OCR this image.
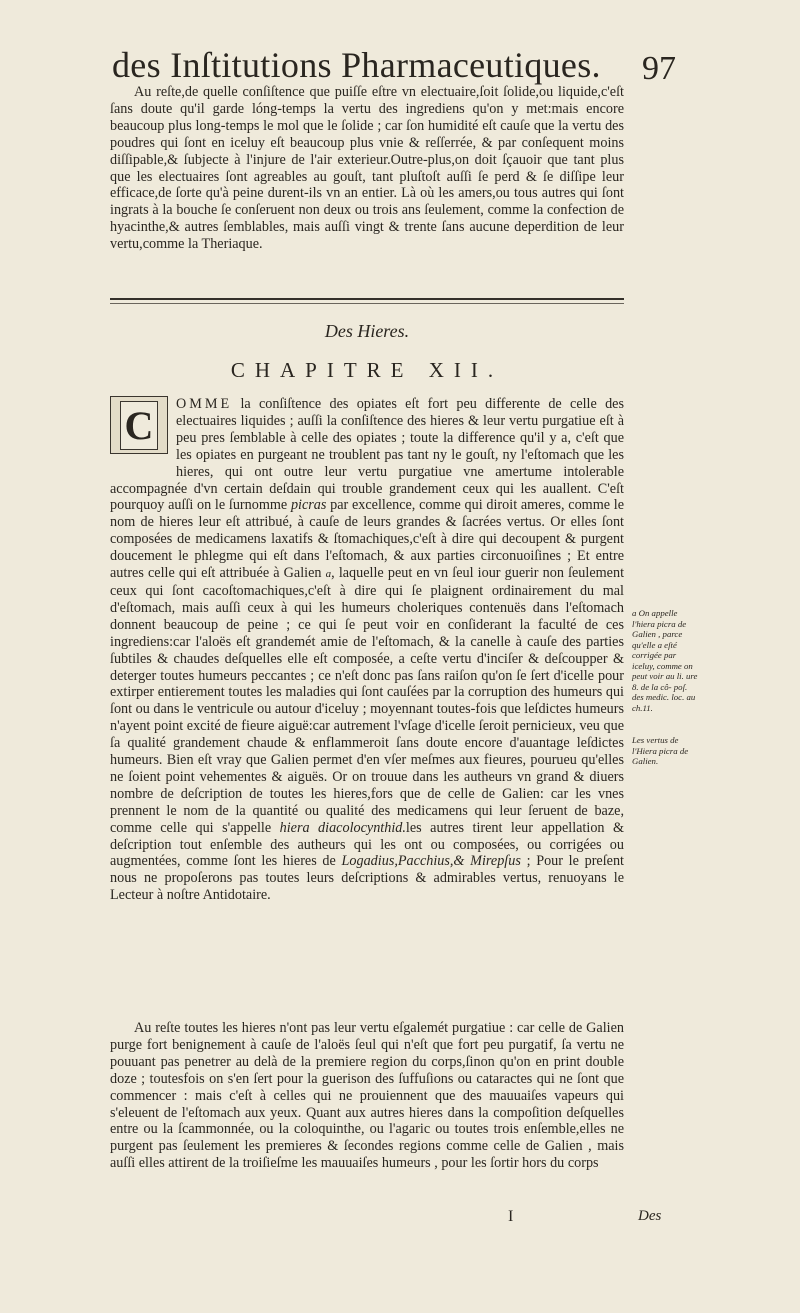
des Inſtitutions Pharmaceutiques. 97

Au reſte,de quelle conſiſtence que puiſſe eſtre vn electuaire,ſoit ſolide,ou liquide,c'eſt ſans doute qu'il garde lóng-temps la vertu des ingrediens qu'on y met:mais encore beaucoup plus long-temps le mol que le ſolide ; car ſon humidité eſt cauſe que la vertu des poudres qui ſont en iceluy eſt beaucoup plus vnie & reſſerrée, & par conſequent moins diſſipable,& ſubjecte à l'injure de l'air exterieur.Outre-plus,on doit ſçauoir que tant plus que les electuaires ſont agreables au gouſt, tant pluſtoſt auſſi ſe perd & ſe diſſipe leur efficace,de ſorte qu'à peine durent-ils vn an entier. Là où les amers,ou tous autres qui ſont ingrats à la bouche ſe conſeruent non deux ou trois ans ſeulement, comme la confection de hyacinthe,& autres ſemblables, mais auſſi vingt & trente ſans aucune deperdition de leur vertu,comme la Theriaque.

Des Hieres.
CHAPITRE XII.

OMME la conſiſtence des opiates eſt fort peu differente de celle des electuaires liquides ; auſſi la conſiſtence des hieres & leur vertu purgatiue eſt à peu pres ſemblable à celle des opiates ; toute la difference qu'il y a, c'eſt que les opiates en purgeant ne troublent pas tant ny le gouſt, ny l'eſtomach que les hieres, qui ont outre leur vertu purgatiue vne amertume intolerable accompagnée d'vn certain deſdain qui trouble grandement ceux qui les auallent. C'eſt pourquoy auſſi on le ſurnomme picras par excellence, comme qui diroit ameres, comme le nom de hieres leur eſt attribué, à cauſe de leurs grandes & ſacrées vertus. Or elles ſont composées de medicamens laxatifs & ſtomachiques,c'eſt à dire qui decoupent & purgent doucement le phlegme qui eſt dans l'eſtomach, & aux parties circonuoiſines ; Et entre autres celle qui eſt attribuée à Galien a, laquelle peut en vn ſeul iour guerir non ſeulement ceux qui ſont cacoſtomachiques,c'eſt à dire qui ſe plaignent ordinairement du mal d'eſtomach, mais auſſi ceux à qui les humeurs choleriques contenuës dans l'eſtomach donnent beaucoup de peine ; ce qui ſe peut voir en conſiderant la faculté de ces ingrediens:car l'aloës eſt grandemét amie de l'eſtomach, & la canelle à cauſe des parties ſubtiles & chaudes deſquelles elle eſt composée, a ceſte vertu d'inciſer & deſcoupper & deterger toutes humeurs peccantes ; ce n'eſt donc pas ſans raiſon qu'on ſe ſert d'icelle pour extirper entierement toutes les maladies qui ſont cauſées par la corruption des humeurs qui ſont ou dans le ventricule ou autour d'iceluy ; moyennant toutes-fois que leſdictes humeurs n'ayent point excité de fieure aiguë:car autrement l'vſage d'icelle ſeroit pernicieux, veu que ſa qualité grandement chaude & enflammeroit ſans doute encore d'auantage leſdictes humeurs. Bien eſt vray que Galien permet d'en vſer meſmes aux fieures, pourueu qu'elles ne ſoient point vehementes & aiguës. Or on trouue dans les autheurs vn grand & diuers nombre de deſcription de toutes les hieres,fors que de celle de Galien: car les vnes prennent le nom de la quantité ou qualité des medicamens qui leur ſeruent de baze, comme celle qui s'appelle hiera diacolocynthid.les autres tirent leur appellation & deſcription tout enſemble des autheurs qui les ont ou composées, ou corrigées ou augmentées, comme ſont les hieres de Logadius,Pacchius,& Mirepſus ; Pour le preſent nous ne propoſerons pas toutes leurs deſcriptions & admirables vertus, renuoyans le Lecteur à noſtre Antidotaire.

C

Au reſte toutes les hieres n'ont pas leur vertu eſgalemét purgatiue : car celle de Galien purge fort benignement à cauſe de l'aloës ſeul qui n'eſt que fort peu purgatif, ſa vertu ne pouuant pas penetrer au delà de la premiere region du corps,ſinon qu'on en print double doze ; toutesfois on s'en ſert pour la guerison des ſuffuſions ou cataractes qui ne ſont que commencer : mais c'eſt à celles qui ne prouiennent que des mauuaiſes vapeurs qui s'eleuent de l'eſtomach aux yeux. Quant aux autres hieres dans la compoſition deſquelles entre ou la ſcammonnée, ou la coloquinthe, ou l'agaric ou toutes trois enſemble,elles ne purgent pas ſeulement les premieres & ſecondes regions comme celle de Galien , mais auſſi elles attirent de la troiſieſme les mauuaiſes humeurs , pour les ſortir hors du corps

a On appelle l'hiera picra de Galien , parce qu'elle a eſté corrigée par iceluy, comme on peut voir au li. ure 8. de la cô- poſ. des medic. loc. au ch.11.
Les vertus de l'Hiera picra de Galien.
I	Des
